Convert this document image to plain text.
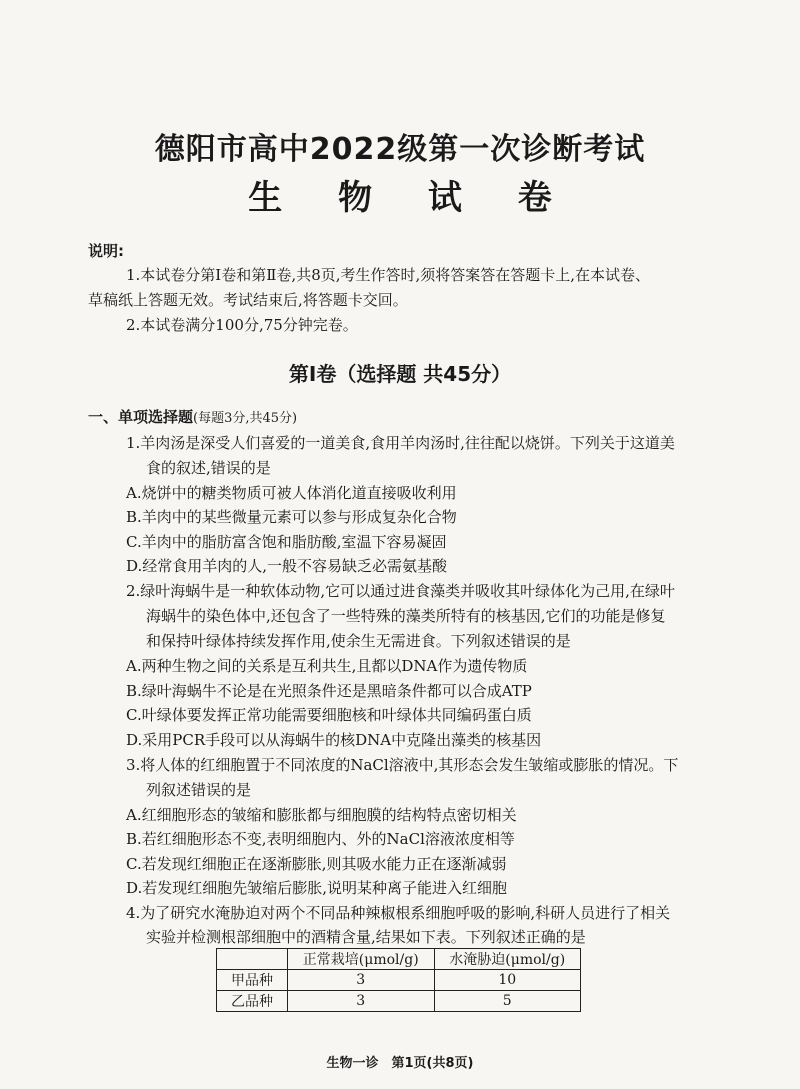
德阳市高中2022级第一次诊断考试
生 物 试 卷
说明:
1.本试卷分第Ⅰ卷和第Ⅱ卷,共8页,考生作答时,须将答案答在答题卡上,在本试卷、
草稿纸上答题无效。考试结束后,将答题卡交回。
2.本试卷满分100分,75分钟完卷。
第Ⅰ卷（选择题 共45分）
一、单项选择题(每题3分,共45分)
1.羊肉汤是深受人们喜爱的一道美食,食用羊肉汤时,往往配以烧饼。下列关于这道美
食的叙述,错误的是
A.烧饼中的糖类物质可被人体消化道直接吸收利用
B.羊肉中的某些微量元素可以参与形成复杂化合物
C.羊肉中的脂肪富含饱和脂肪酸,室温下容易凝固
D.经常食用羊肉的人,一般不容易缺乏必需氨基酸
2.绿叶海蜗牛是一种软体动物,它可以通过进食藻类并吸收其叶绿体化为己用,在绿叶
海蜗牛的染色体中,还包含了一些特殊的藻类所特有的核基因,它们的功能是修复
和保持叶绿体持续发挥作用,使余生无需进食。下列叙述错误的是
A.两种生物之间的关系是互利共生,且都以DNA作为遗传物质
B.绿叶海蜗牛不论是在光照条件还是黑暗条件都可以合成ATP
C.叶绿体要发挥正常功能需要细胞核和叶绿体共同编码蛋白质
D.采用PCR手段可以从海蜗牛的核DNA中克隆出藻类的核基因
3.将人体的红细胞置于不同浓度的NaCl溶液中,其形态会发生皱缩或膨胀的情况。下
列叙述错误的是
A.红细胞形态的皱缩和膨胀都与细胞膜的结构特点密切相关
B.若红细胞形态不变,表明细胞内、外的NaCl溶液浓度相等
C.若发现红细胞正在逐渐膨胀,则其吸水能力正在逐渐减弱
D.若发现红细胞先皱缩后膨胀,说明某种离子能进入红细胞
4.为了研究水淹胁迫对两个不同品种辣椒根系细胞呼吸的影响,科研人员进行了相关
实验并检测根部细胞中的酒精含量,结果如下表。下列叙述正确的是
	正常栽培(μmol/g)	水淹胁迫(μmol/g)
甲品种	3	10
乙品种	3	5
生物一诊　第1页(共8页)
